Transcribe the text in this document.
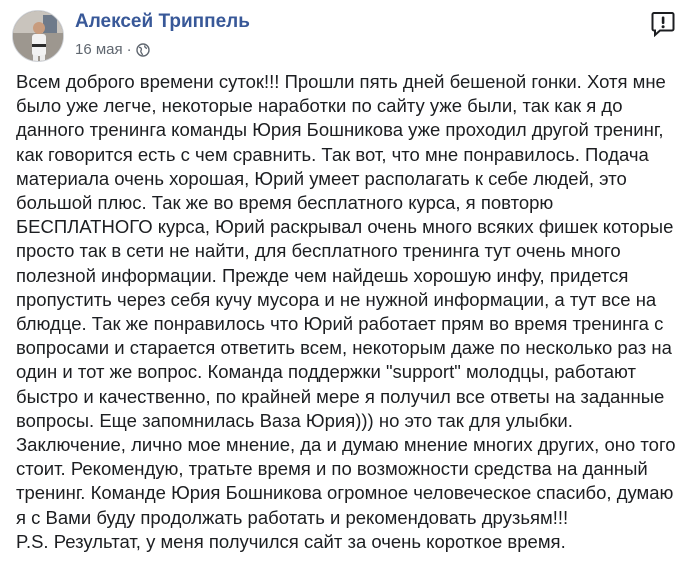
Алексей Триппель
16 мая ·

Всем доброго времени суток!!! Прошли пять дней бешеной гонки. Хотя мне

было уже легче, некоторые наработки по сайту уже были, так как я до

данного тренинга команды Юрия Бошникова уже проходил другой тренинг,

как говорится есть с чем сравнить. Так вот, что мне понравилось. Подача

материала очень хорошая, Юрий умеет располагать к себе людей, это

большой плюс. Так же во время бесплатного курса, я повторю

БЕСПЛАТНОГО курса, Юрий раскрывал очень много всяких фишек которые

просто так в сети не найти, для бесплатного тренинга тут очень много

полезной информации. Прежде чем найдешь хорошую инфу, придется

пропустить через себя кучу мусора и не нужной информации, а тут все на

блюдце. Так же понравилось что Юрий работает прям во время тренинга с

вопросами и старается ответить всем, некоторым даже по несколько раз на

один и тот же вопрос. Команда поддержки "support" молодцы, работают

быстро и качественно, по крайней мере я получил все ответы на заданные

вопросы. Еще запомнилась Ваза Юрия))) но это так для улыбки.

Заключение, лично мое мнение, да и думаю мнение многих других, оно того

стоит. Рекомендую, тратьте время и по возможности средства на данный

тренинг. Команде Юрия Бошникова огромное человеческое спасибо, думаю

я с Вами буду продолжать работать и рекомендовать друзьям!!!

P.S. Результат, у меня получился сайт за очень короткое время.
